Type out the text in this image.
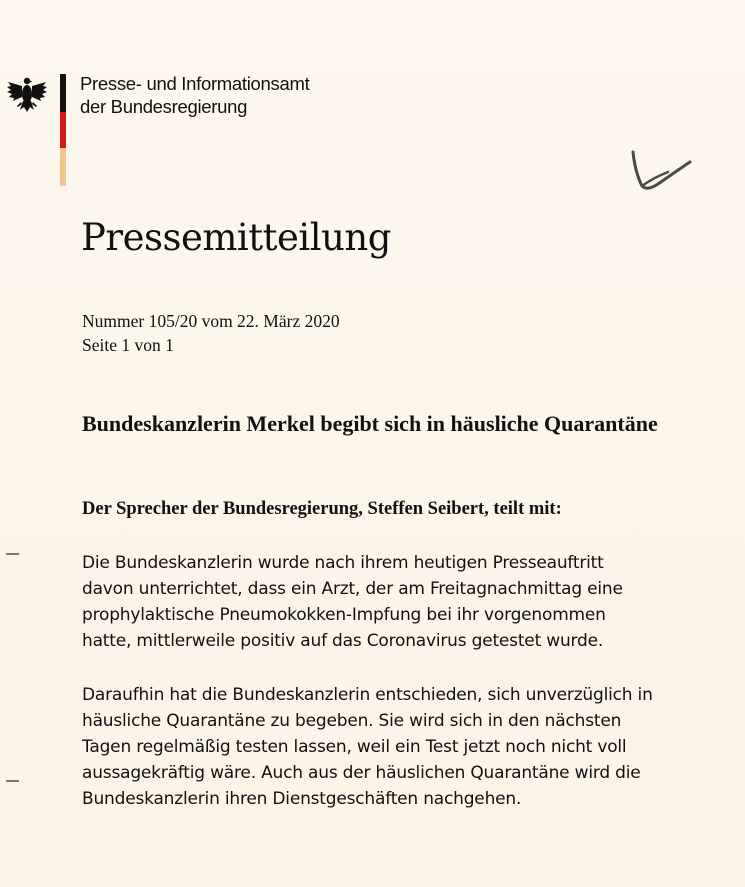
Presse- und Informationsamt
der Bundesregierung
Pressemitteilung
Nummer 105/20 vom 22. März 2020
Seite 1 von 1
Bundeskanzlerin Merkel begibt sich in häusliche Quarantäne
Der Sprecher der Bundesregierung, Steffen Seibert, teilt mit:
Die Bundeskanzlerin wurde nach ihrem heutigen Presseauftritt
davon unterrichtet, dass ein Arzt, der am Freitagnachmittag eine
prophylaktische Pneumokokken-Impfung bei ihr vorgenommen
hatte, mittlerweile positiv auf das Coronavirus getestet wurde.
Daraufhin hat die Bundeskanzlerin entschieden, sich unverzüglich in
häusliche Quarantäne zu begeben. Sie wird sich in den nächsten
Tagen regelmäßig testen lassen, weil ein Test jetzt noch nicht voll
aussagekräftig wäre. Auch aus der häuslichen Quarantäne wird die
Bundeskanzlerin ihren Dienstgeschäften nachgehen.
